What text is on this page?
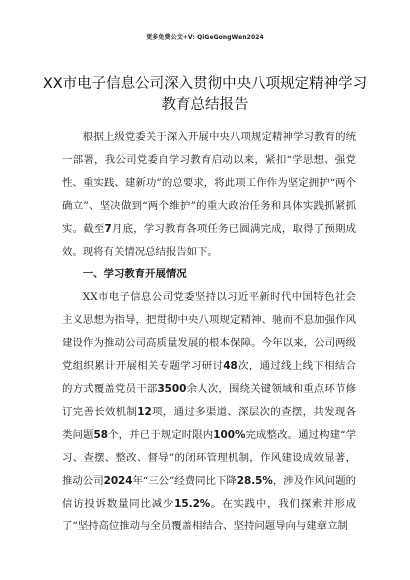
更多免费公文+V: QiGeGongWen2024
XX市电子信息公司深入贯彻中央八项规定精神学习教育总结报告

根据上级党委关于深入开展中央八项规定精神学习教育的统一部署，我公司党委自学习教育启动以来，紧扣“学思想、强党性、重实践、建新功”的总要求，将此项工作作为坚定拥护“两个确立”、坚决做到“两个维护”的重大政治任务和具体实践抓紧抓实。截至7月底，学习教育各项任务已圆满完成，取得了预期成效。现将有关情况总结报告如下。

一、学习教育开展情况

XX市电子信息公司党委坚持以习近平新时代中国特色社会主义思想为指导，把贯彻中央八项规定精神、驰而不息加强作风建设作为推动公司高质量发展的根本保障。今年以来，公司两级党组织累计开展相关专题学习研讨48次，通过线上线下相结合的方式覆盖党员干部3500余人次，围绕关键领域和重点环节修订完善长效机制12项，通过多渠道、深层次的查摆，共发现各类问题58个，并已于规定时限内100%完成整改。通过构建“学习、查摆、整改、督导”的闭环管理机制，作风建设成效显著，推动公司2024年“三公”经费同比下降28.5%，涉及作风问题的信访投诉数量同比减少15.2%。在实践中，我们探索并形成了“坚持高位推动与全员覆盖相结合、坚持问题导向与建章立制
